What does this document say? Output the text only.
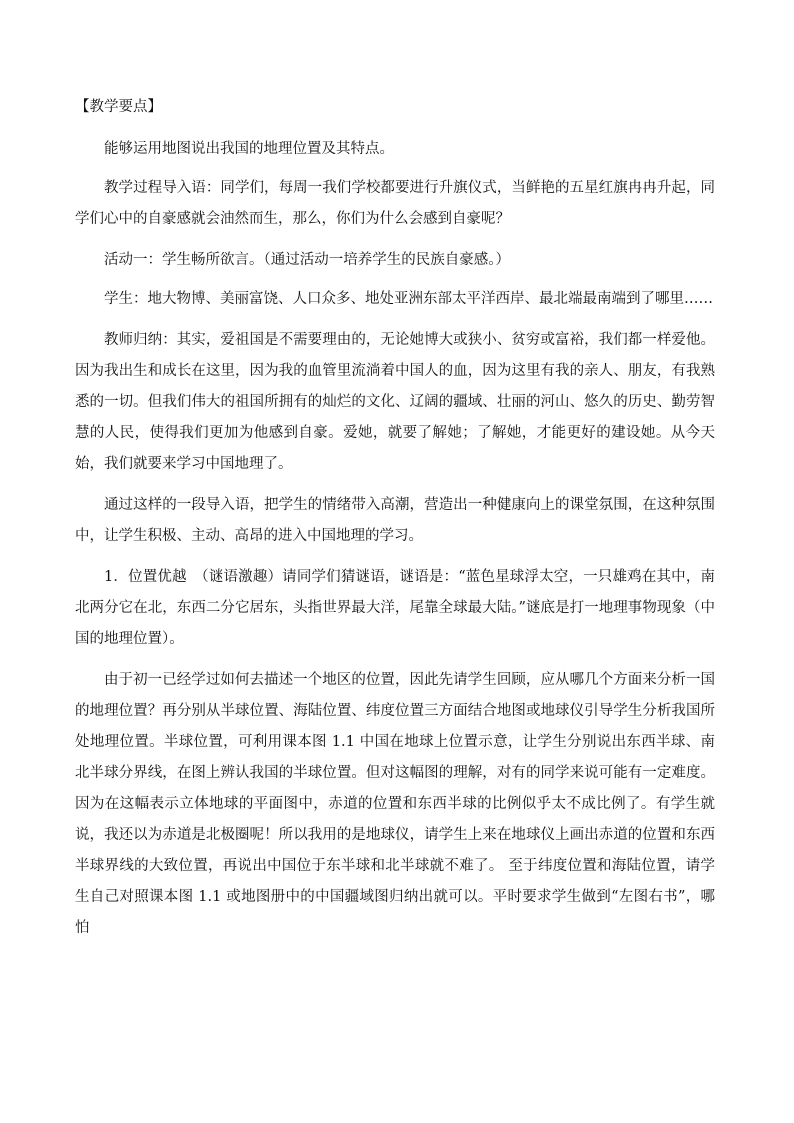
【教学要点】

能够运用地图说出我国的地理位置及其特点。

教学过程导入语：同学们，每周一我们学校都要进行升旗仪式，当鲜艳的五星红旗冉冉升起，同学们心中的自豪感就会油然而生，那么，你们为什么会感到自豪呢？

活动一：学生畅所欲言。（通过活动一培养学生的民族自豪感。）

学生：地大物博、美丽富饶、人口众多、地处亚洲东部太平洋西岸、最北端最南端到了哪里……

教师归纳：其实，爱祖国是不需要理由的，无论她博大或狭小、贫穷或富裕，我们都一样爱他。因为我出生和成长在这里，因为我的血管里流淌着中国人的血，因为这里有我的亲人、朋友，有我熟悉的一切。但我们伟大的祖国所拥有的灿烂的文化、辽阔的疆域、壮丽的河山、悠久的历史、勤劳智慧的人民，使得我们更加为他感到自豪。爱她，就要了解她；了解她，才能更好的建设她。从今天始，我们就要来学习中国地理了。

通过这样的一段导入语，把学生的情绪带入高潮，营造出一种健康向上的课堂氛围，在这种氛围中，让学生积极、主动、高昂的进入中国地理的学习。

1．位置优越　（谜语激趣）请同学们猜谜语，谜语是：“蓝色星球浮太空，一只雄鸡在其中，南北两分它在北，东西二分它居东，头指世界最大洋，尾靠全球最大陆。”谜底是打一地理事物现象（中国的地理位置）。

由于初一已经学过如何去描述一个地区的位置，因此先请学生回顾，应从哪几个方面来分析一国的地理位置？再分别从半球位置、海陆位置、纬度位置三方面结合地图或地球仪引导学生分析我国所处地理位置。半球位置，可利用课本图 1.1 中国在地球上位置示意，让学生分别说出东西半球、南北半球分界线，在图上辨认我国的半球位置。但对这幅图的理解，对有的同学来说可能有一定难度。因为在这幅表示立体地球的平面图中，赤道的位置和东西半球的比例似乎太不成比例了。有学生就说，我还以为赤道是北极圈呢！所以我用的是地球仪，请学生上来在地球仪上画出赤道的位置和东西半球界线的大致位置，再说出中国位于东半球和北半球就不难了。 至于纬度位置和海陆位置，请学生自己对照课本图 1.1 或地图册中的中国疆域图归纳出就可以。平时要求学生做到“左图右书”，哪怕
